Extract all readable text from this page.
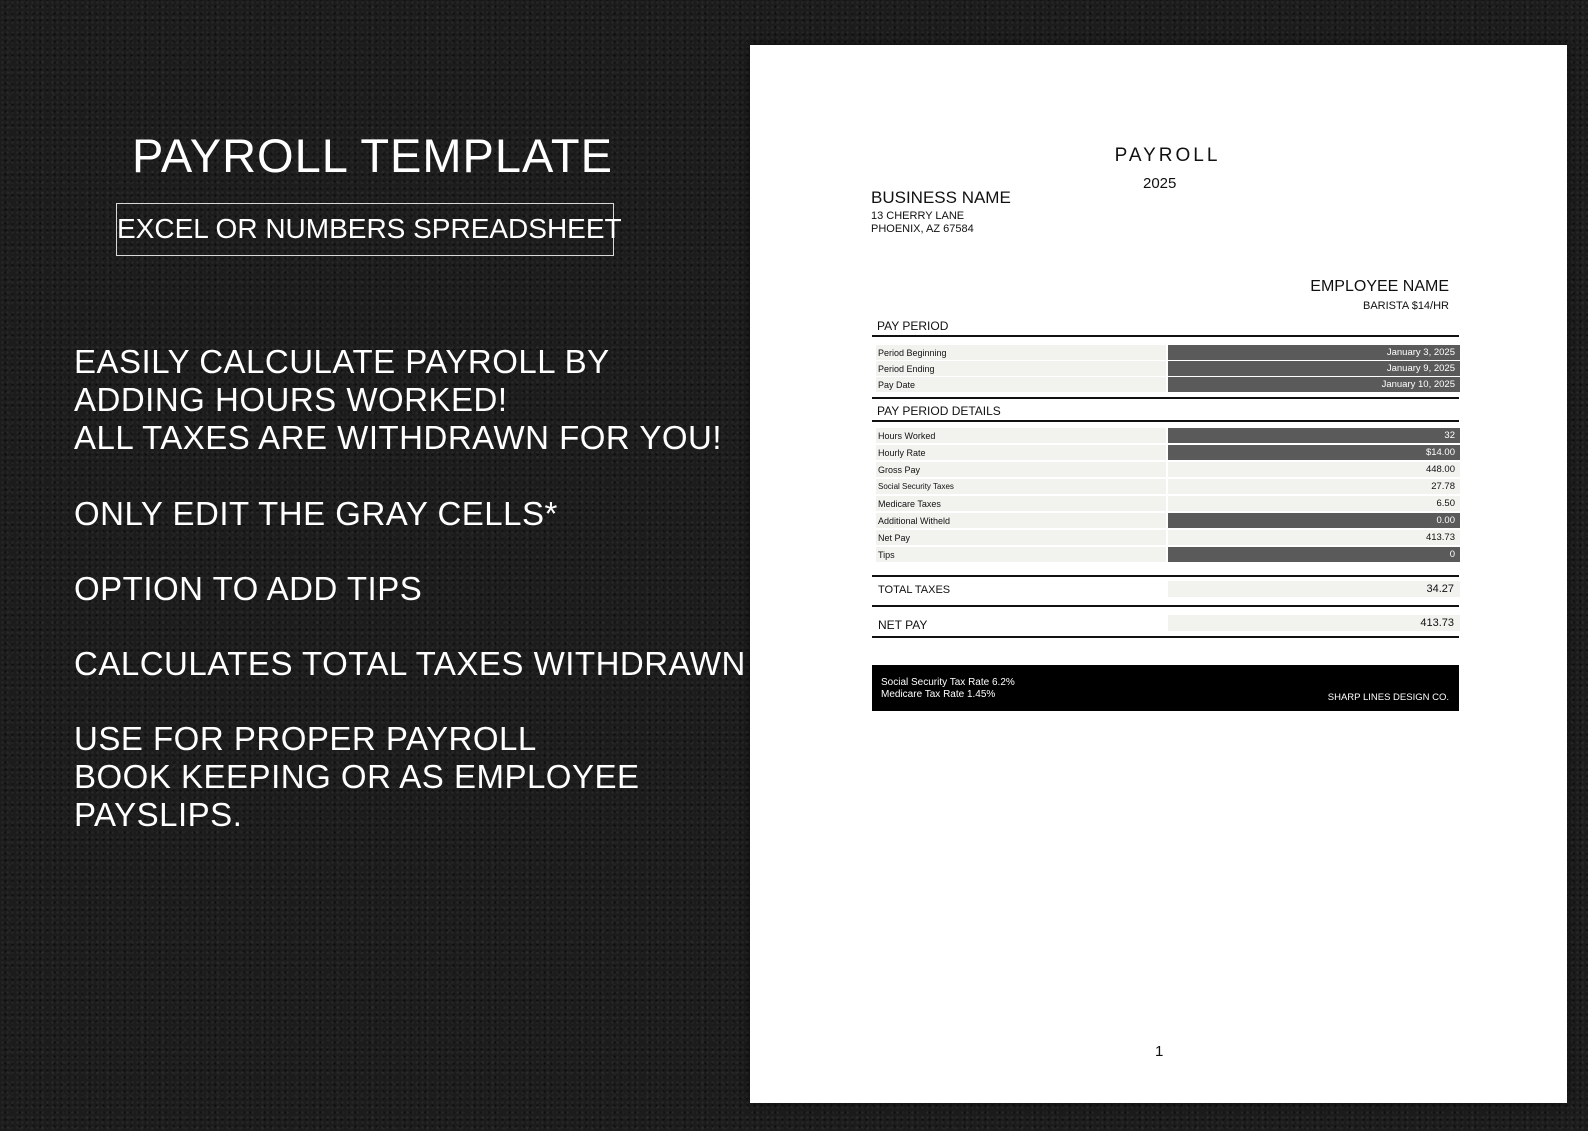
PAYROLL TEMPLATE
EXCEL OR NUMBERS SPREADSHEET
EASILY CALCULATE PAYROLL BY
ADDING HOURS WORKED!
ALL TAXES ARE WITHDRAWN FOR YOU!
ONLY EDIT THE GRAY CELLS*
OPTION TO ADD TIPS
CALCULATES TOTAL TAXES WITHDRAWN
USE FOR PROPER PAYROLL
BOOK KEEPING OR AS EMPLOYEE
PAYSLIPS.
PAYROLL
2025
BUSINESS NAME
13 CHERRY LANE
PHOENIX, AZ 67584
EMPLOYEE NAME
BARISTA $14/HR
PAY PERIOD
Period Beginning	January 3, 2025
Period Ending	January 9, 2025
Pay Date	January 10, 2025
PAY PERIOD DETAILS
Hours Worked	32
Hourly Rate	$14.00
Gross Pay	448.00
Social Security Taxes	27.78
Medicare Taxes	6.50
Additional Witheld	0.00
Net Pay	413.73
Tips	0
TOTAL TAXES	34.27
NET PAY	413.73
Social Security Tax Rate 6.2%
Medicare Tax Rate 1.45%	SHARP LINES DESIGN CO.
1
